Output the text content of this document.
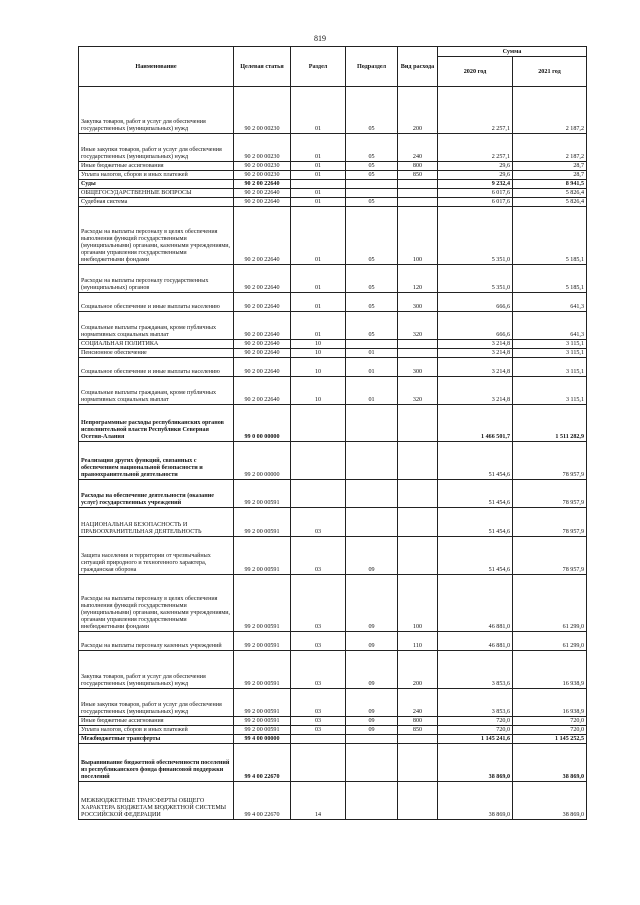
819
Наименование	Целевая статья	Раздел	Подраздел	Вид расхода	Сумма	
					2020 год	2021 год
Закупка товаров, работ и услуг для обеспечения государственных (муниципальных) нужд	90 2 00 00230	01	05	200	2 257,1	2 187,2
Иные закупки товаров, работ и услуг для обеспечения государственных (муниципальных) нужд	90 2 00 00230	01	05	240	2 257,1	2 187,2
Иные бюджетные ассигнования	90 2 00 00230	01	05	800	29,6	28,7
Уплата налогов, сборов и иных платежей	90 2 00 00230	01	05	850	29,6	28,7
Суды	90 2 00 22640				9 232,4	8 941,5
ОБЩЕГОСУДАРСТВЕННЫЕ ВОПРОСЫ	90 2 00 22640	01			6 017,6	5 826,4
Судебная система	90 2 00 22640	01	05		6 017,6	5 826,4
Расходы на выплаты персоналу в целях обеспечения выполнения функций государственными (муниципальными) органами, казенными учреждениями, органами управления государственными внебюджетными фондами	90 2 00 22640	01	05	100	5 351,0	5 185,1
Расходы на выплаты персоналу государственных (муниципальных) органов	90 2 00 22640	01	05	120	5 351,0	5 185,1
Социальное обеспечение и иные выплаты населению	90 2 00 22640	01	05	300	666,6	641,3
Социальные выплаты гражданам, кроме публичных нормативных социальных выплат	90 2 00 22640	01	05	320	666,6	641,3
СОЦИАЛЬНАЯ ПОЛИТИКА	90 2 00 22640	10			3 214,8	3 115,1
Пенсионное обеспечение	90 2 00 22640	10	01		3 214,8	3 115,1
Социальное обеспечение и иные выплаты населению	90 2 00 22640	10	01	300	3 214,8	3 115,1
Социальные выплаты гражданам, кроме публичных нормативных социальных выплат	90 2 00 22640	10	01	320	3 214,8	3 115,1
Непрограммные расходы республиканских органов исполнительной власти Республики Северная Осетия-Алания	99 0 00 00000				1 466 501,7	1 511 282,9
Реализация других функций, связанных с обеспечением национальной безопасности и правоохранительной деятельности	99 2 00 00000				51 454,6	78 957,9
Расходы на обеспечение деятельности (оказание услуг) государственных учреждений	99 2 00 00591				51 454,6	78 957,9
НАЦИОНАЛЬНАЯ БЕЗОПАСНОСТЬ И ПРАВООХРАНИТЕЛЬНАЯ ДЕЯТЕЛЬНОСТЬ	99 2 00 00591	03			51 454,6	78 957,9
Защита населения и территории от чрезвычайных ситуаций природного и техногенного характера, гражданская оборона	99 2 00 00591	03	09		51 454,6	78 957,9
Расходы на выплаты персоналу в целях обеспечения выполнения функций государственными (муниципальными) органами, казенными учреждениями, органами управления государственными внебюджетными фондами	99 2 00 00591	03	09	100	46 881,0	61 299,0
Расходы на выплаты персоналу казенных учреждений	99 2 00 00591	03	09	110	46 881,0	61 299,0
Закупка товаров, работ и услуг для обеспечения государственных (муниципальных) нужд	99 2 00 00591	03	09	200	3 853,6	16 938,9
Иные закупки товаров, работ и услуг для обеспечения государственных (муниципальных) нужд	99 2 00 00591	03	09	240	3 853,6	16 938,9
Иные бюджетные ассигнования	99 2 00 00591	03	09	800	720,0	720,0
Уплата налогов, сборов и иных платежей	99 2 00 00591	03	09	850	720,0	720,0
Межбюджетные трансферты	99 4 00 00000				1 145 241,6	1 145 252,5
Выравнивание бюджетной обеспеченности поселений из республиканского фонда финансовой поддержки поселений	99 4 00 22670				38 869,0	38 869,0
МЕЖБЮДЖЕТНЫЕ ТРАНСФЕРТЫ ОБЩЕГО ХАРАКТЕРА БЮДЖЕТАМ БЮДЖЕТНОЙ СИСТЕМЫ РОССИЙСКОЙ ФЕДЕРАЦИИ	99 4 00 22670	14			38 869,0	38 869,0
